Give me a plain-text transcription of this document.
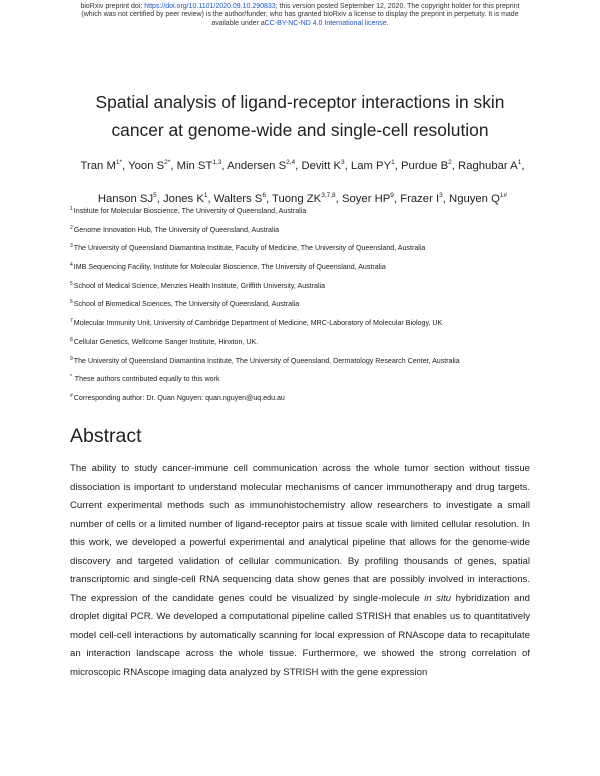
bioRxiv preprint doi: https://doi.org/10.1101/2020.09.10.290833; this version posted September 12, 2020. The copyright holder for this preprint
(which was not certified by peer review) is the author/funder, who has granted bioRxiv a license to display the preprint in perpetuity. It is made
available under aCC-BY-NC-ND 4.0 International license.
Spatial analysis of ligand-receptor interactions in skin
cancer at genome-wide and single-cell resolution
Tran $M^{1*}$, Yoon $S^{2*}$, Min ST$^{1,3}$, Andersen S$^{2,4}$, Devitt $K^3$, Lam $PY^1$, Purdue $B^2$, Raghubar $A^1$,
Hanson $SJ^5$, Jones $K^1$, Walters $S^6$, Tuong ZK$^{3,7,8}$, Soyer $HP^9$, Frazer $I^3$, Nguyen $Q^{1\#}$
$^1$Institute for Molecular Bioscience, The University of Queensland, Australia
$^2$Genome Innovation Hub, The University of Queensland, Australia
$^3$The University of Queensland Diamantina Institute, Faculty of Medicine, The University of Queensland, Australia
$^4$IMB Sequencing Facility, Institute for Molecular Bioscience, The University of Queensland, Australia
$^5$School of Medical Science, Menzies Health Institute, Griffith University, Australia
$^6$School of Biomedical Sciences, The University of Queensland, Australia
$^7$Molecular Immunity Unit, University of Cambridge Department of Medicine, MRC-Laboratory of Molecular Biology, UK
$^8$Cellular Genetics, Wellcome Sanger Institute, Hinxton, UK.
$^9$The University of Queensland Diamantina Institute, The University of Queensland, Dermatology Research Center, Australia
* These authors contributed equally to this work
#Corresponding author: Dr. Quan Nguyen: quan.nguyen@uq.edu.au
Abstract
The ability to study cancer-immune cell communication across the whole tumor section without tissue dissociation is important to understand molecular mechanisms of cancer immunotherapy and drug targets. Current experimental methods such as immunohistochemistry allow researchers to investigate a small number of cells or a limited number of ligand-receptor pairs at tissue scale with limited cellular resolution. In this work, we developed a powerful experimental and analytical pipeline that allows for the genome-wide discovery and targeted validation of cellular communication. By profiling thousands of genes, spatial transcriptomic and single-cell RNA sequencing data show genes that are possibly involved in interactions. The expression of the candidate genes could be visualized by single-molecule in situ hybridization and droplet digital PCR. We developed a computational pipeline called STRISH that enables us to quantitatively model cell-cell interactions by automatically scanning for local expression of RNAscope data to recapitulate an interaction landscape across the whole tissue. Furthermore, we showed the strong correlation of microscopic RNAscope imaging data analyzed by STRISH with the gene expression
